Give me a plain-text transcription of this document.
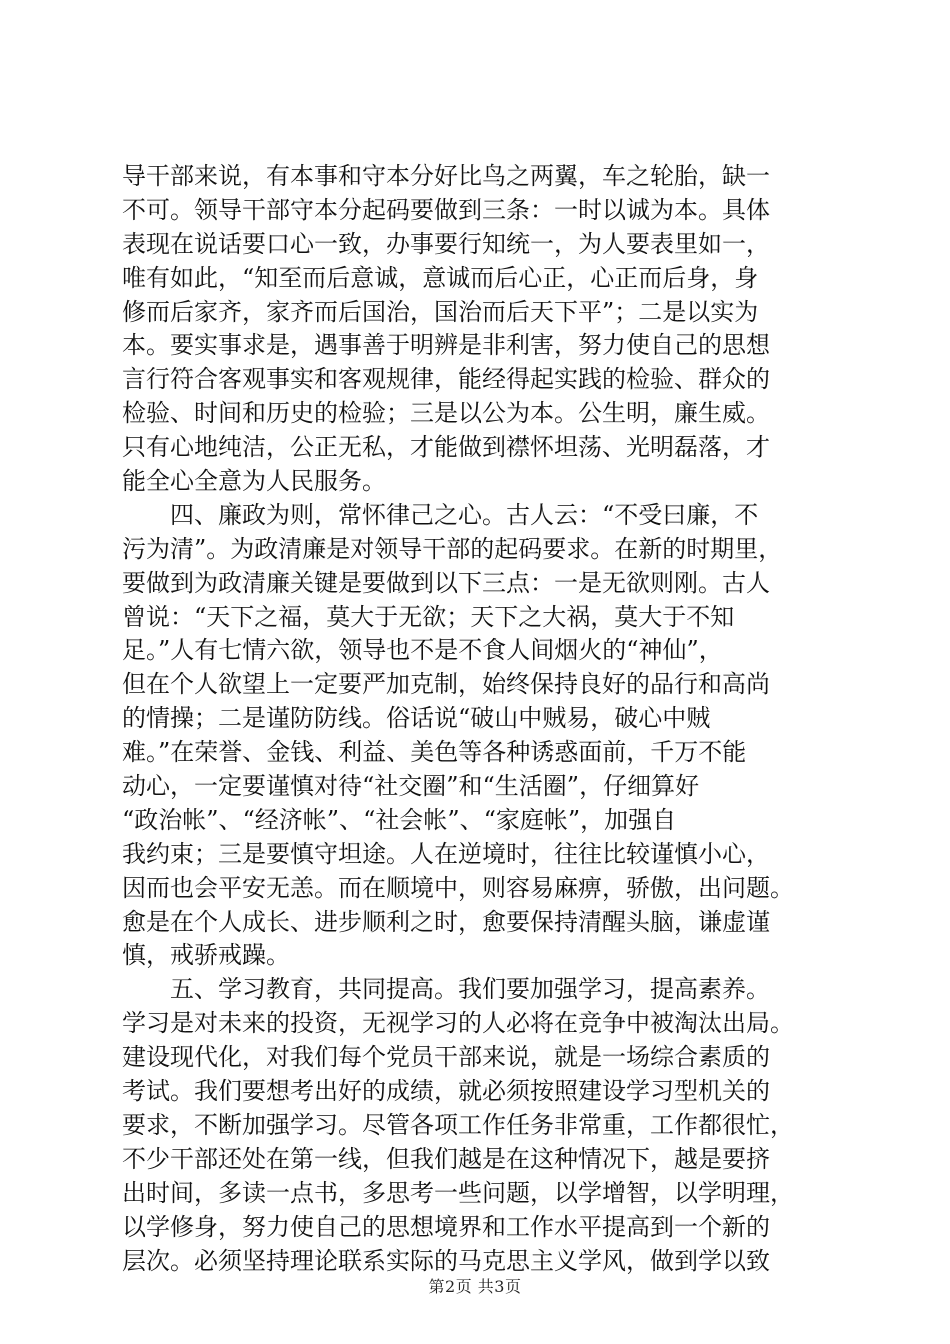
导干部来说，有本事和守本分好比鸟之两翼，车之轮胎，缺一
不可。领导干部守本分起码要做到三条：一时以诚为本。具体
表现在说话要口心一致，办事要行知统一，为人要表里如一，
唯有如此，“知至而后意诚，意诚而后心正，心正而后身，身
修而后家齐，家齐而后国治，国治而后天下平”；二是以实为
本。要实事求是，遇事善于明辨是非利害，努力使自己的思想
言行符合客观事实和客观规律，能经得起实践的检验、群众的
检验、时间和历史的检验；三是以公为本。公生明，廉生威。
只有心地纯洁，公正无私，才能做到襟怀坦荡、光明磊落，才
能全心全意为人民服务。
　　四、廉政为则，常怀律己之心。古人云：“不受曰廉，不
污为清”。为政清廉是对领导干部的起码要求。在新的时期里，
要做到为政清廉关键是要做到以下三点：一是无欲则刚。古人
曾说：“天下之福，莫大于无欲；天下之大祸，莫大于不知
足。”人有七情六欲，领导也不是不食人间烟火的“神仙”，
但在个人欲望上一定要严加克制，始终保持良好的品行和高尚
的情操；二是谨防防线。俗话说“破山中贼易，破心中贼
难。”在荣誉、金钱、利益、美色等各种诱惑面前，千万不能
动心，一定要谨慎对待“社交圈”和“生活圈”，仔细算好
“政治帐”、“经济帐”、“社会帐”、“家庭帐”，加强自
我约束；三是要慎守坦途。人在逆境时，往往比较谨慎小心，
因而也会平安无恙。而在顺境中，则容易麻痹，骄傲，出问题。
愈是在个人成长、进步顺利之时，愈要保持清醒头脑，谦虚谨
慎，戒骄戒躁。
　　五、学习教育，共同提高。我们要加强学习，提高素养。
学习是对未来的投资，无视学习的人必将在竞争中被淘汰出局。
建设现代化，对我们每个党员干部来说，就是一场综合素质的
考试。我们要想考出好的成绩，就必须按照建设学习型机关的
要求，不断加强学习。尽管各项工作任务非常重，工作都很忙，
不少干部还处在第一线，但我们越是在这种情况下，越是要挤
出时间，多读一点书，多思考一些问题，以学增智，以学明理，
以学修身，努力使自己的思想境界和工作水平提高到一个新的
层次。必须坚持理论联系实际的马克思主义学风，做到学以致
第2页 共3页
